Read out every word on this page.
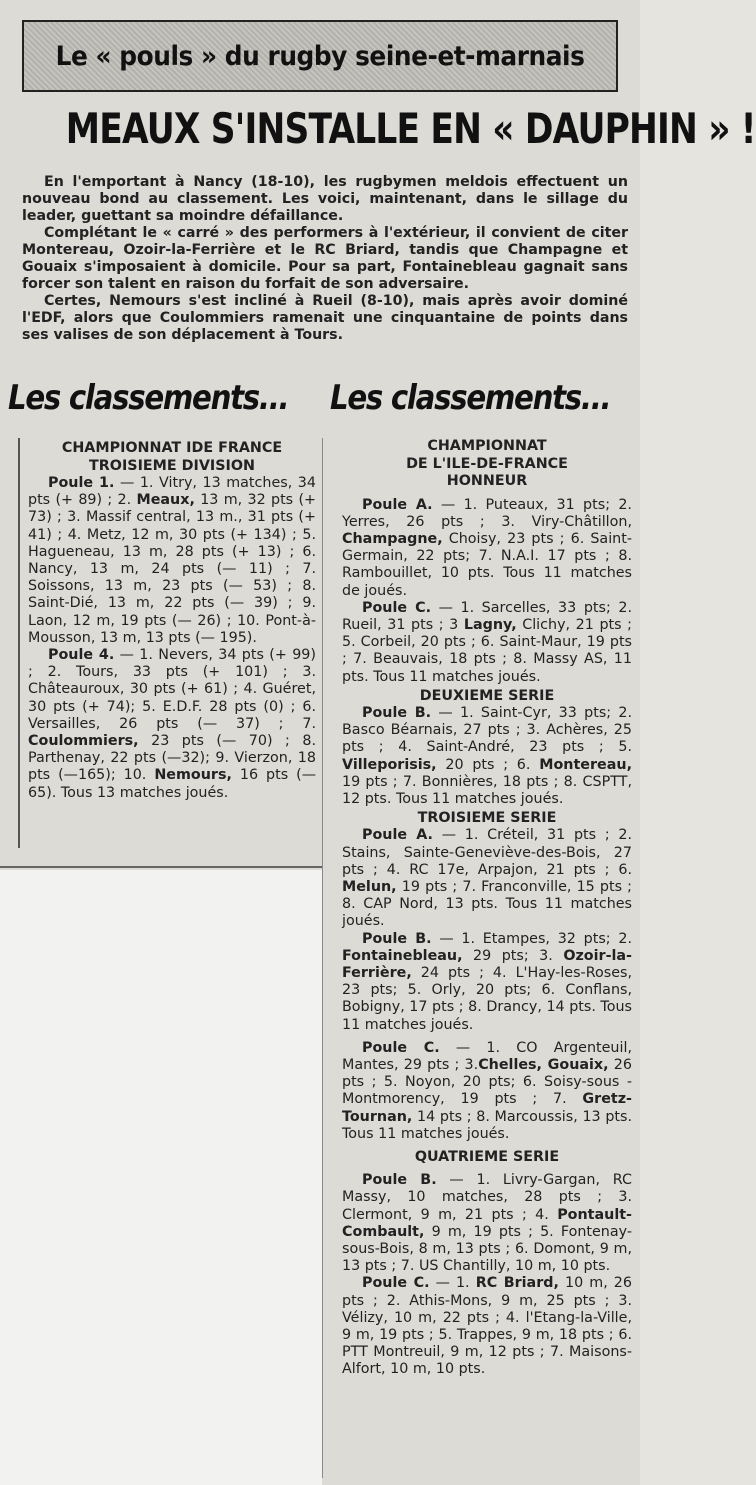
Le « pouls » du rugby seine-et-marnais
MEAUX S'INSTALLE EN « DAUPHIN » !

En l'emportant à Nancy (18-10), les rugbymen meldois effectuent un nouveau bond au classement. Les voici, maintenant, dans le sillage du leader, guettant sa moindre défaillance.

Complétant le « carré » des performers à l'extérieur, il convient de citer Montereau, Ozoir-la-Ferrière et le RC Briard, tandis que Champagne et Gouaix s'imposaient à domicile. Pour sa part, Fontainebleau gagnait sans forcer son talent en raison du forfait de son adversaire.

Certes, Nemours s'est incliné à Rueil (8-10), mais après avoir dominé l'EDF, alors que Coulommiers ramenait une cinquantaine de points dans ses valises de son déplacement à Tours.

Les classements... Les classements...

CHAMPIONNAT IDE FRANCE

TROISIEME DIVISION

Poule 1. — 1. Vitry, 13 matches, 34 pts (+ 89) ; 2. Meaux, 13 m, 32 pts (+ 73) ; 3. Massif central, 13 m., 31 pts (+ 41) ; 4. Metz, 12 m, 30 pts (+ 134) ; 5. Hagueneau, 13 m, 28 pts (+ 13) ; 6. Nancy, 13 m, 24 pts (— 11) ; 7. Soissons, 13 m, 23 pts (— 53) ; 8. Saint-Dié, 13 m, 22 pts (— 39) ; 9. Laon, 12 m, 19 pts (— 26) ; 10. Pont-à-Mousson, 13 m, 13 pts (— 195).

Poule 4. — 1. Nevers, 34 pts (+ 99) ; 2. Tours, 33 pts (+ 101) ; 3. Châteauroux, 30 pts (+ 61) ; 4. Guéret, 30 pts (+ 74); 5. E.D.F. 28 pts (0) ; 6. Versailles, 26 pts (— 37) ; 7. Coulommiers, 23 pts (— 70) ; 8. Parthenay, 22 pts (—32); 9. Vierzon, 18 pts (—165); 10. Nemours, 16 pts (—65). Tous 13 matches joués.

CHAMPIONNAT

DE L'ILE-DE-FRANCE

HONNEUR

Poule A. — 1. Puteaux, 31 pts; 2. Yerres, 26 pts ; 3. Viry-Châtillon, Champagne, Choisy, 23 pts ; 6. Saint-Germain, 22 pts; 7. N.A.I. 17 pts ; 8. Rambouillet, 10 pts. Tous 11 matches de joués.

Poule C. — 1. Sarcelles, 33 pts; 2. Rueil, 31 pts ; 3 Lagny, Clichy, 21 pts ; 5. Corbeil, 20 pts ; 6. Saint-Maur, 19 pts ; 7. Beauvais, 18 pts ; 8. Massy AS, 11 pts. Tous 11 matches joués.

DEUXIEME SERIE

Poule B. — 1. Saint-Cyr, 33 pts; 2. Basco Béarnais, 27 pts ; 3. Achères, 25 pts ; 4. Saint-André, 23 pts ; 5. Villeporisis, 20 pts ; 6. Montereau, 19 pts ; 7. Bonnières, 18 pts ; 8. CSPTT, 12 pts. Tous 11 matches joués.

TROISIEME SERIE

Poule A. — 1. Créteil, 31 pts ; 2. Stains, Sainte-Geneviève-des-Bois, 27 pts ; 4. RC 17e, Arpajon, 21 pts ; 6. Melun, 19 pts ; 7. Franconville, 15 pts ; 8. CAP Nord, 13 pts. Tous 11 matches joués.

Poule B. — 1. Etampes, 32 pts; 2. Fontainebleau, 29 pts; 3. Ozoir-la-Ferrière, 24 pts ; 4. L'Hay-les-Roses, 23 pts; 5. Orly, 20 pts; 6. Conflans, Bobigny, 17 pts ; 8. Drancy, 14 pts. Tous 11 matches joués.

Poule C. — 1. CO Argenteuil, Mantes, 29 pts ; 3.Chelles, Gouaix, 26 pts ; 5. Noyon, 20 pts; 6. Soisy-sous - Montmorency, 19 pts ; 7. Gretz-Tournan, 14 pts ; 8. Marcoussis, 13 pts. Tous 11 matches joués.

QUATRIEME SERIE

Poule B. — 1. Livry-Gargan, RC Massy, 10 matches, 28 pts ; 3. Clermont, 9 m, 21 pts ; 4. Pontault-Combault, 9 m, 19 pts ; 5. Fontenay-sous-Bois, 8 m, 13 pts ; 6. Domont, 9 m, 13 pts ; 7. US Chantilly, 10 m, 10 pts.

Poule C. — 1. RC Briard, 10 m, 26 pts ; 2. Athis-Mons, 9 m, 25 pts ; 3. Vélizy, 10 m, 22 pts ; 4. l'Etang-la-Ville, 9 m, 19 pts ; 5. Trappes, 9 m, 18 pts ; 6. PTT Montreuil, 9 m, 12 pts ; 7. Maisons-Alfort, 10 m, 10 pts.
